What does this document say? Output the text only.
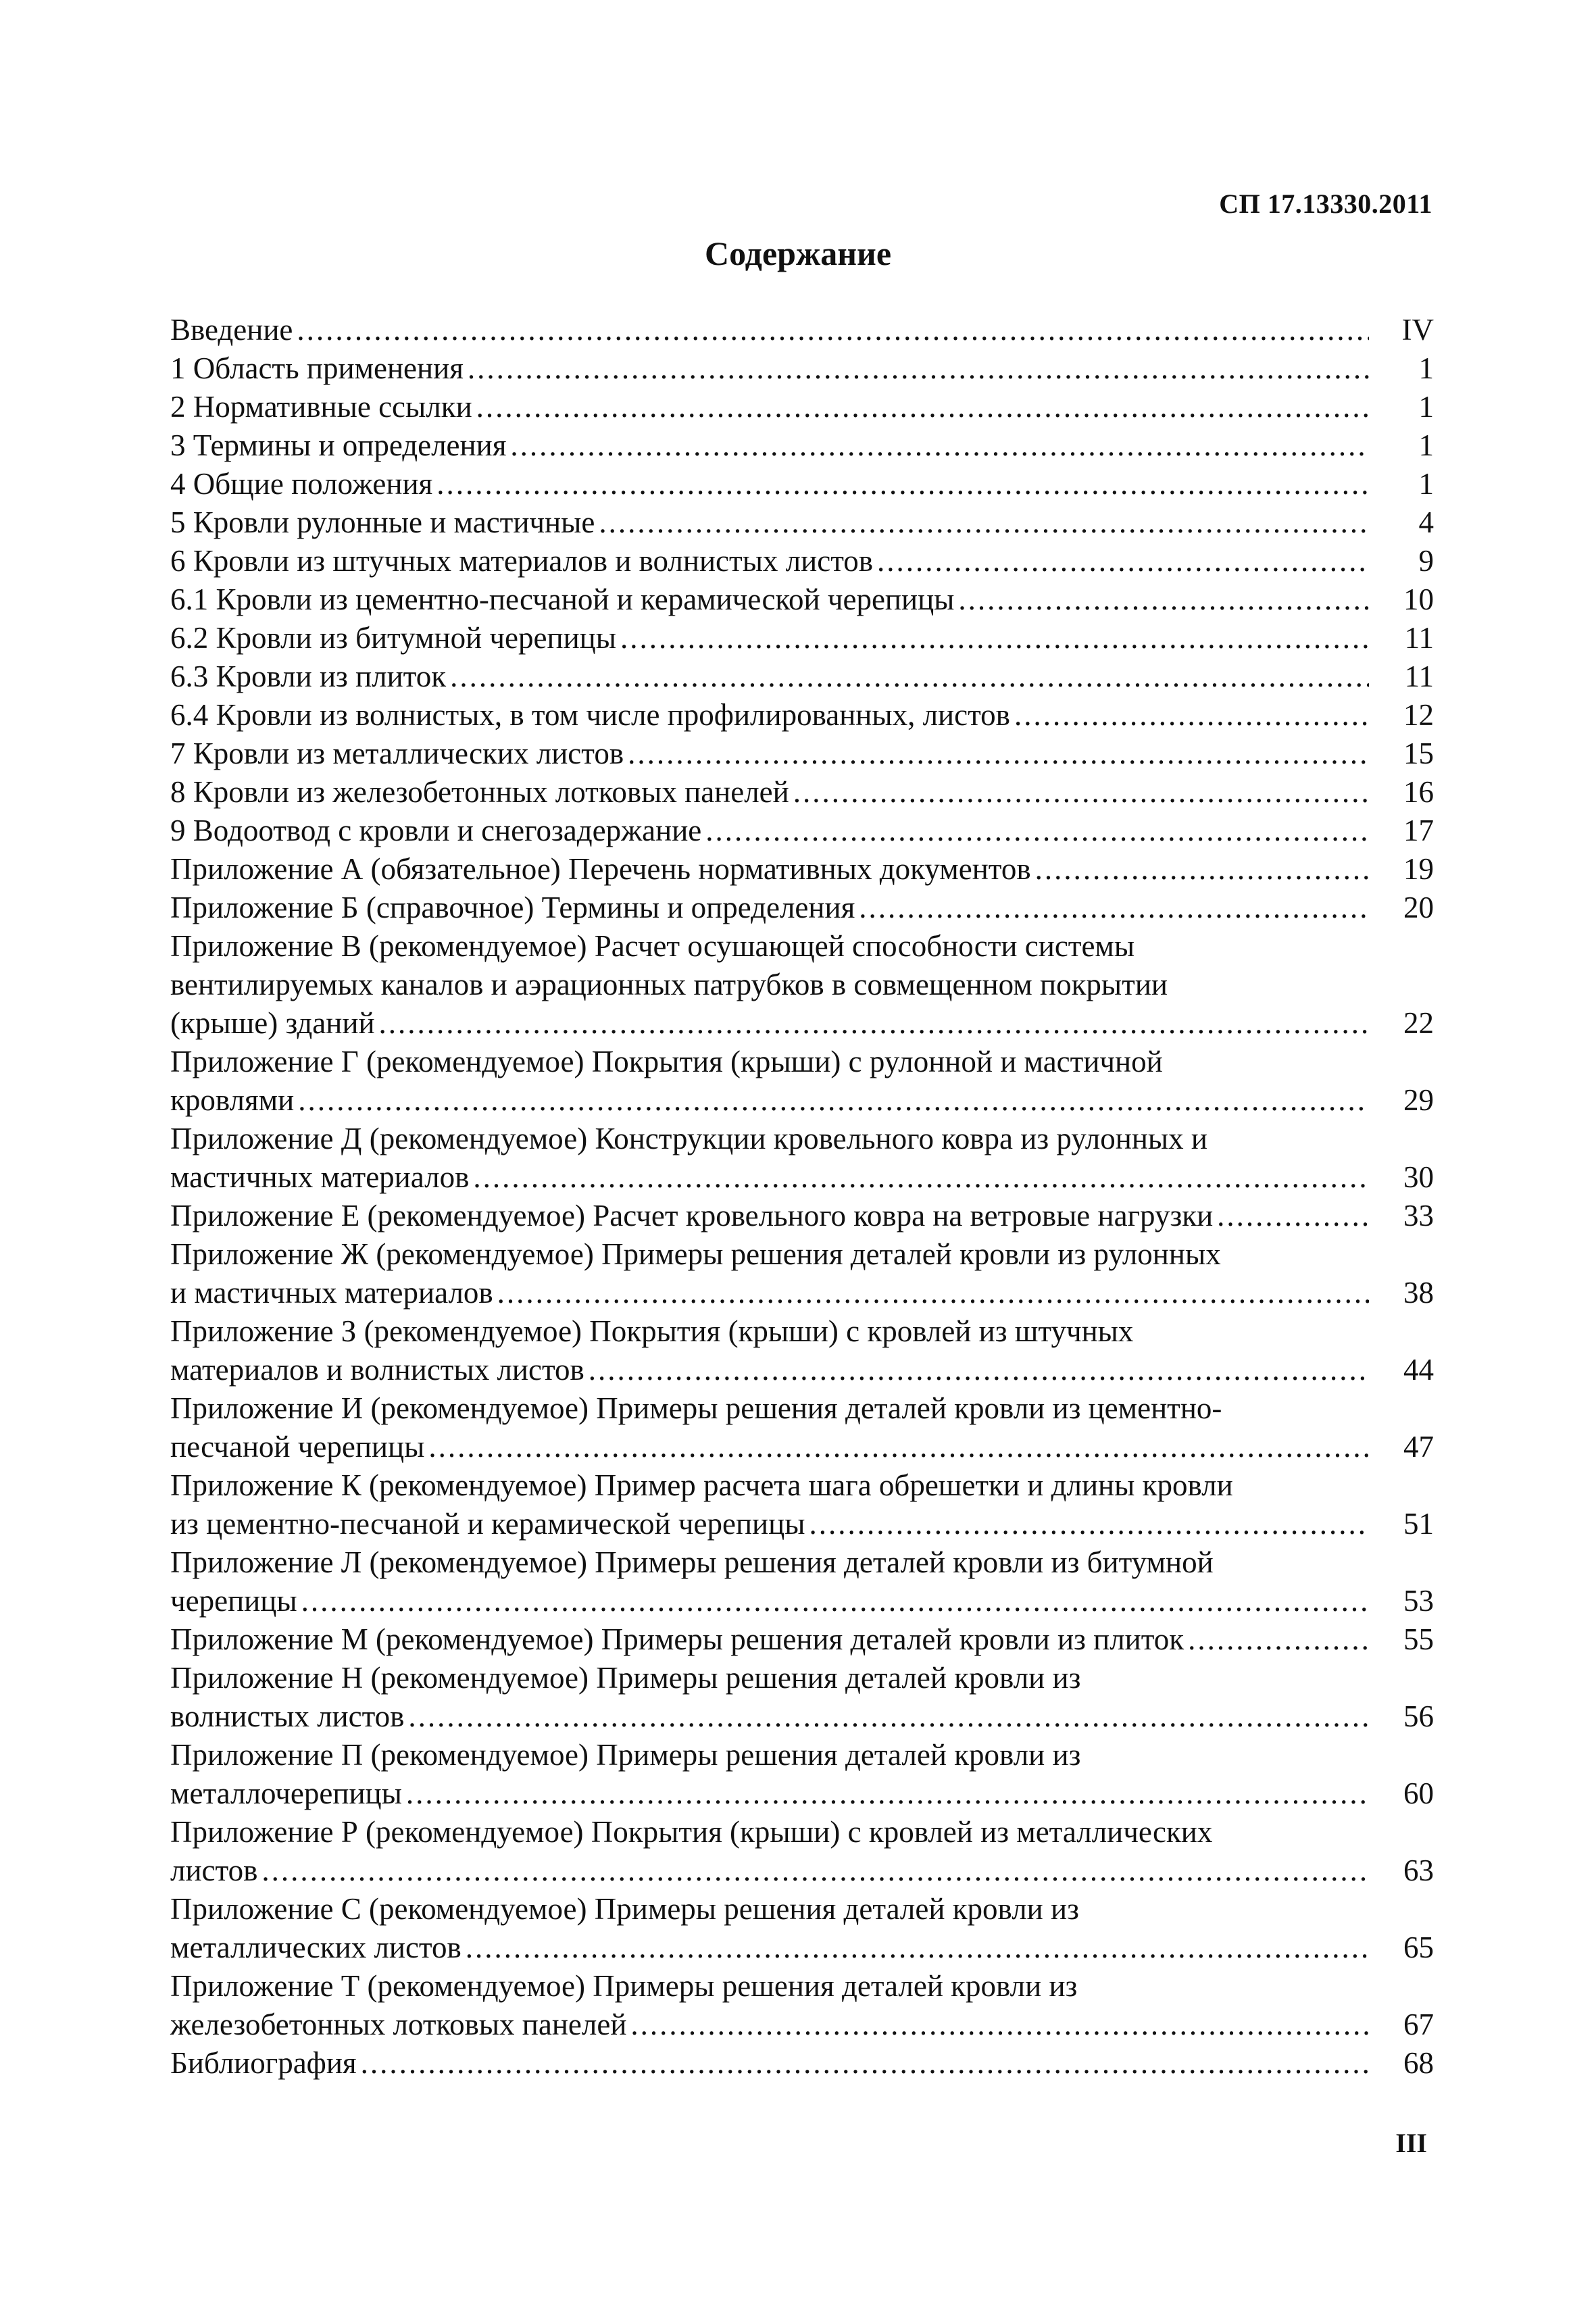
СП 17.13330.2011
Содержание
Введение .....	IV
1 Область применения .....	1
2 Нормативные ссылки .....	1
3 Термины и определения .....	1
4 Общие положения .....	1
5 Кровли рулонные и мастичные .....	4
6 Кровли из штучных материалов и волнистых листов .....	9
6.1 Кровли из цементно-песчаной и керамической черепицы .....	10
6.2 Кровли из битумной черепицы .....	11
6.3 Кровли из плиток .....	11
6.4 Кровли из волнистых, в том числе профилированных, листов .....	12
7 Кровли из металлических листов .....	15
8 Кровли из железобетонных лотковых панелей .....	16
9 Водоотвод с кровли и снегозадержание .....	17
Приложение А (обязательное) Перечень нормативных документов .....	19
Приложение Б (справочное) Термины и определения .....	20
Приложение В (рекомендуемое) Расчет осушающей способности системы
вентилируемых каналов и аэрационных патрубков в совмещенном покрытии
(крыше) зданий .....	22
Приложение Г (рекомендуемое) Покрытия (крыши) с рулонной и мастичной
кровлями .....	29
Приложение Д (рекомендуемое) Конструкции кровельного ковра из рулонных и
мастичных материалов .....	30
Приложение Е (рекомендуемое) Расчет кровельного ковра на ветровые нагрузки .....	33
Приложение Ж (рекомендуемое) Примеры решения деталей кровли из рулонных
и мастичных материалов .....	38
Приложение З (рекомендуемое) Покрытия (крыши) с кровлей из штучных
материалов и волнистых листов .....	44
Приложение И (рекомендуемое) Примеры решения деталей кровли из цементно-
песчаной черепицы .....	47
Приложение К (рекомендуемое) Пример расчета шага обрешетки и длины кровли
из цементно-песчаной и керамической черепицы .....	51
Приложение Л (рекомендуемое) Примеры решения деталей кровли из битумной
черепицы .....	53
Приложение М (рекомендуемое) Примеры решения деталей кровли из плиток .....	55
Приложение Н (рекомендуемое) Примеры решения деталей кровли из
волнистых листов .....	56
Приложение П (рекомендуемое) Примеры решения деталей кровли из
металлочерепицы .....	60
Приложение Р (рекомендуемое) Покрытия (крыши) с кровлей из металлических
листов .....	63
Приложение С (рекомендуемое) Примеры решения деталей кровли из
металлических листов .....	65
Приложение Т (рекомендуемое) Примеры решения деталей кровли из
железобетонных лотковых панелей .....	67
Библиография .....	68
III
